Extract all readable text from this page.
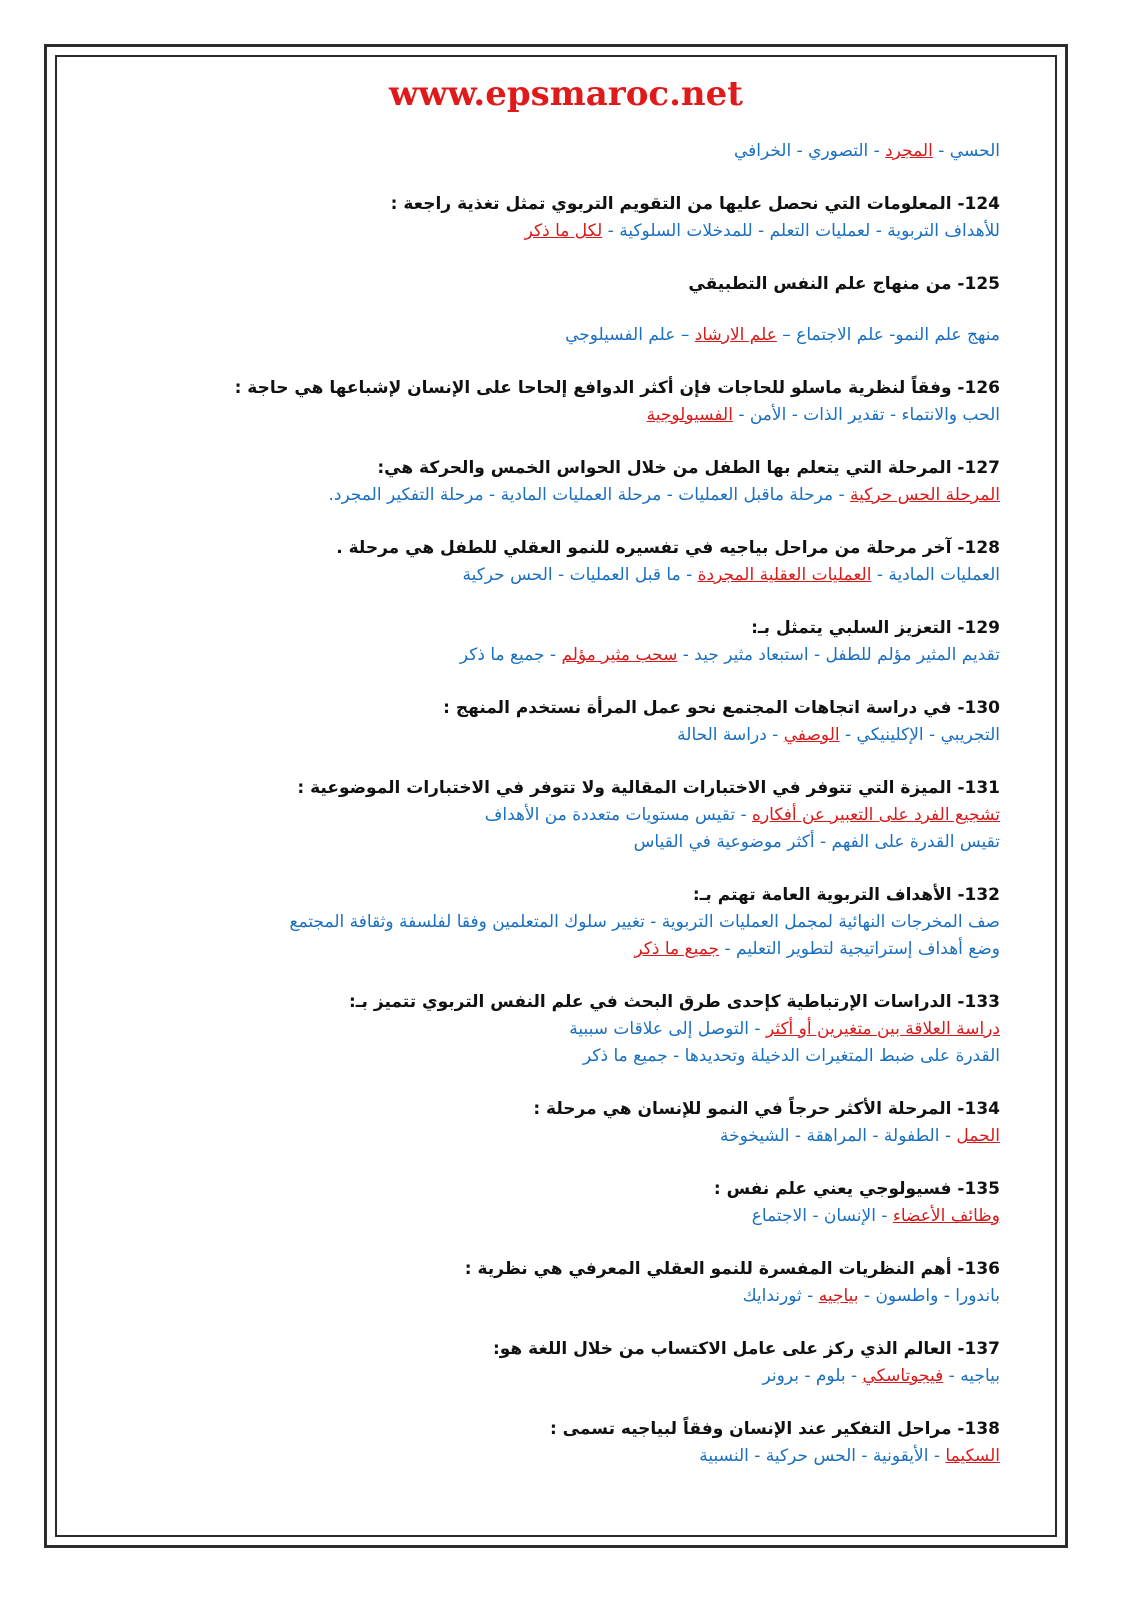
www.epsmaroc.net
الحسي - المجرد - التصوري - الخرافي
124- المعلومات التي نحصل عليها من التقويم التربوي تمثل تغذية راجعة :
للأهداف التربوية - لعمليات التعلم - للمدخلات السلوكية - لكل ما ذكر
125- من منهاج علم النفس التطبيقي
منهج علم النمو- علم الاجتماع – علم الارشاد – علم الفسيلوجي
126- وفقاً لنظرية ماسلو للحاجات فإن أكثر الدوافع إلحاحا على الإنسان لإشباعها هي حاجة :
الحب والانتماء - تقدير الذات - الأمن - الفسيولوجية
127- المرحلة التي يتعلم بها الطفل من خلال الحواس الخمس والحركة هي:
المرحلة الحس حركية - مرحلة ماقبل العمليات - مرحلة العمليات المادية - مرحلة التفكير المجرد.
128- آخر مرحلة من مراحل بياجيه في تفسيره للنمو العقلي للطفل هي مرحلة .
العمليات المادية - العمليات العقلية المجردة - ما قبل العمليات - الحس حركية
129- التعزيز السلبي يتمثل بـ:
تقديم المثير مؤلم للطفل - استبعاد مثير جيد - سحب مثير مؤلم - جميع ما ذكر
130- في دراسة اتجاهات المجتمع نحو عمل المرأة نستخدم المنهج :
التجريبي - الإكلينيكي - الوصفي - دراسة الحالة
131- الميزة التي تتوفر في الاختبارات المقالية ولا تتوفر في الاختبارات الموضوعية :
تشجيع الفرد على التعبير عن أفكاره - تقيس مستويات متعددة من الأهداف
تقيس القدرة على الفهم - أكثر موضوعية في القياس
132- الأهداف التربوية العامة تهتم بـ:
صف المخرجات النهائية لمجمل العمليات التربوية - تغيير سلوك المتعلمين وفقا لفلسفة وثقافة المجتمع
وضع أهداف إستراتيجية لتطوير التعليم - جميع ما ذكر
133- الدراسات الإرتباطية كإحدى طرق البحث في علم النفس التربوي تتميز بـ:
دراسة العلاقة بين متغيرين أو أكثر - التوصل إلى علاقات سببية
القدرة على ضبط المتغيرات الدخيلة وتحديدها - جميع ما ذكر
134- المرحلة الأكثر حرجاً في النمو للإنسان هي مرحلة :
الحمل - الطفولة - المراهقة - الشيخوخة
135- فسيولوجي يعني علم نفس :
وظائف الأعضاء - الإنسان - الاجتماع
136- أهم النظريات المفسرة للنمو العقلي المعرفي هي نظرية :
باندورا - واطسون - بياجيه - ثورندايك
137- العالم الذي ركز على عامل الاكتساب من خلال اللغة هو:
بياجيه - فيجوتاسكي - بلوم - برونر
138- مراحل التفكير عند الإنسان وفقاً لبياجيه تسمى :
السكيما - الأيقونية - الحس حركية - النسبية
